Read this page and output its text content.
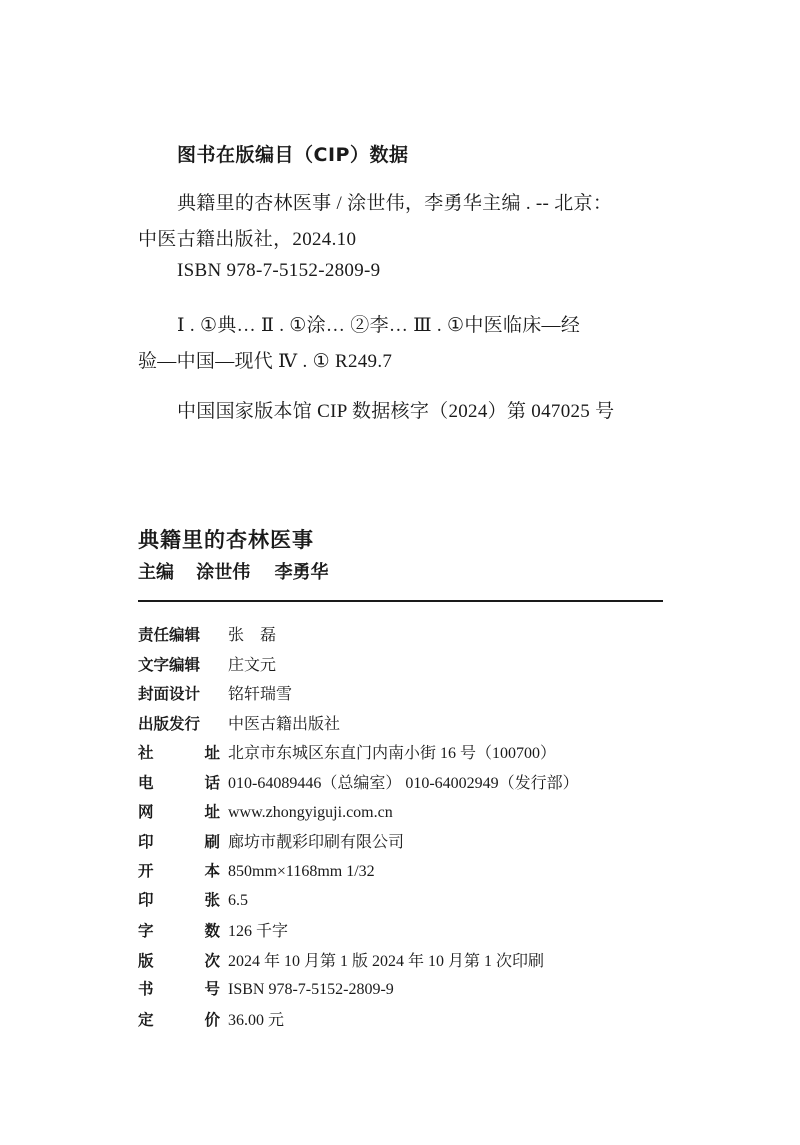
图书在版编目（CIP）数据
典籍里的杏林医事 / 涂世伟，李勇华主编 . -- 北京：
中医古籍出版社，2024.10
ISBN 978-7-5152-2809-9
Ⅰ . ①典… Ⅱ . ①涂… ②李… Ⅲ . ①中医临床—经
验—中国—现代 Ⅳ . ① R249.7
中国国家版本馆 CIP 数据核字（2024）第 047025 号
典籍里的杏林医事
主编 涂世伟 李勇华
责任编辑	张　磊
文字编辑	庄文元
封面设计	铭轩瑞雪
出版发行	中医古籍出版社
社	址 北京市东城区东直门内南小街 16 号（100700）
电	话 010-64089446（总编室） 010-64002949（发行部）
网	址 www.zhongyiguji.com.cn
印	刷 廊坊市靓彩印刷有限公司
开	本 850mm×1168mm 1/32
印	张 6.5
字	数 126 千字
版	次 2024 年 10 月第 1 版 2024 年 10 月第 1 次印刷
书	号 ISBN 978-7-5152-2809-9
定	价 36.00 元
